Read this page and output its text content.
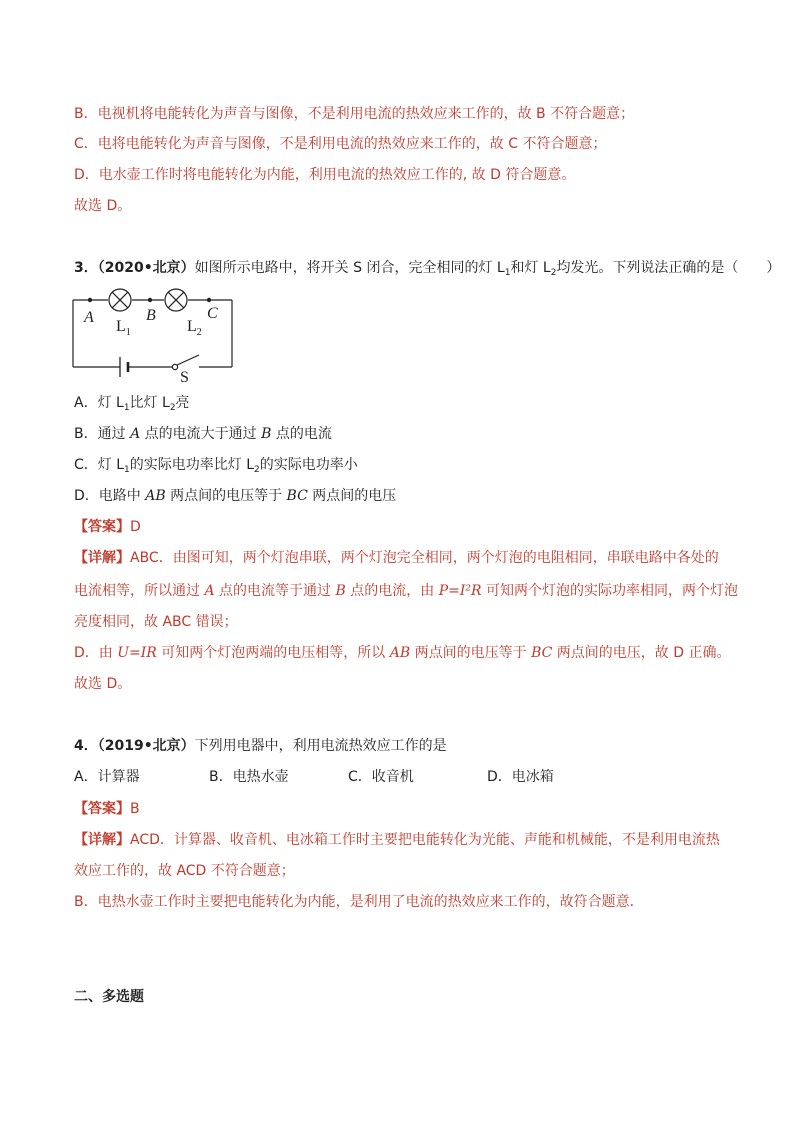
B．电视机将电能转化为声音与图像，不是利用电流的热效应来工作的，故 B 不符合题意；
C．电将电能转化为声音与图像，不是利用电流的热效应来工作的，故 C 不符合题意；
D．电水壶工作时将电能转化为内能，利用电流的热效应工作的, 故 D 符合题意。
故选 D。
3．（2020•北京）如图所示电路中，将开关 S 闭合，完全相同的灯 $L_1$和灯 $L_2$均发光。下列说法正确的是（　　）
A	B	C
$L_1$	$L_2$
S
A．灯 $L_1$比灯 $L_2$亮
B．通过 A 点的电流大于通过 B 点的电流
C．灯 $L_1$的实际电功率比灯 $L_2$的实际电功率小
D．电路中 AB 两点间的电压等于 BC 两点间的电压
【答案】D
【详解】ABC．由图可知，两个灯泡串联，两个灯泡完全相同，两个灯泡的电阻相同，串联电路中各处的
电流相等，所以通过 A 点的电流等于通过 B 点的电流，由 P=I²R 可知两个灯泡的实际功率相同，两个灯泡
亮度相同，故 ABC 错误；
D．由 U=IR 可知两个灯泡两端的电压相等，所以 AB 两点间的电压等于 BC 两点间的电压，故 D 正确。
故选 D。
4．（2019•北京）下列用电器中，利用电流热效应工作的是
A．计算器	B．电热水壶	C．收音机	D．电冰箱
【答案】B
【详解】ACD．计算器、收音机、电冰箱工作时主要把电能转化为光能、声能和机械能，不是利用电流热
效应工作的，故 ACD 不符合题意；
B．电热水壶工作时主要把电能转化为内能，是利用了电流的热效应来工作的，故符合题意．
二、多选题
